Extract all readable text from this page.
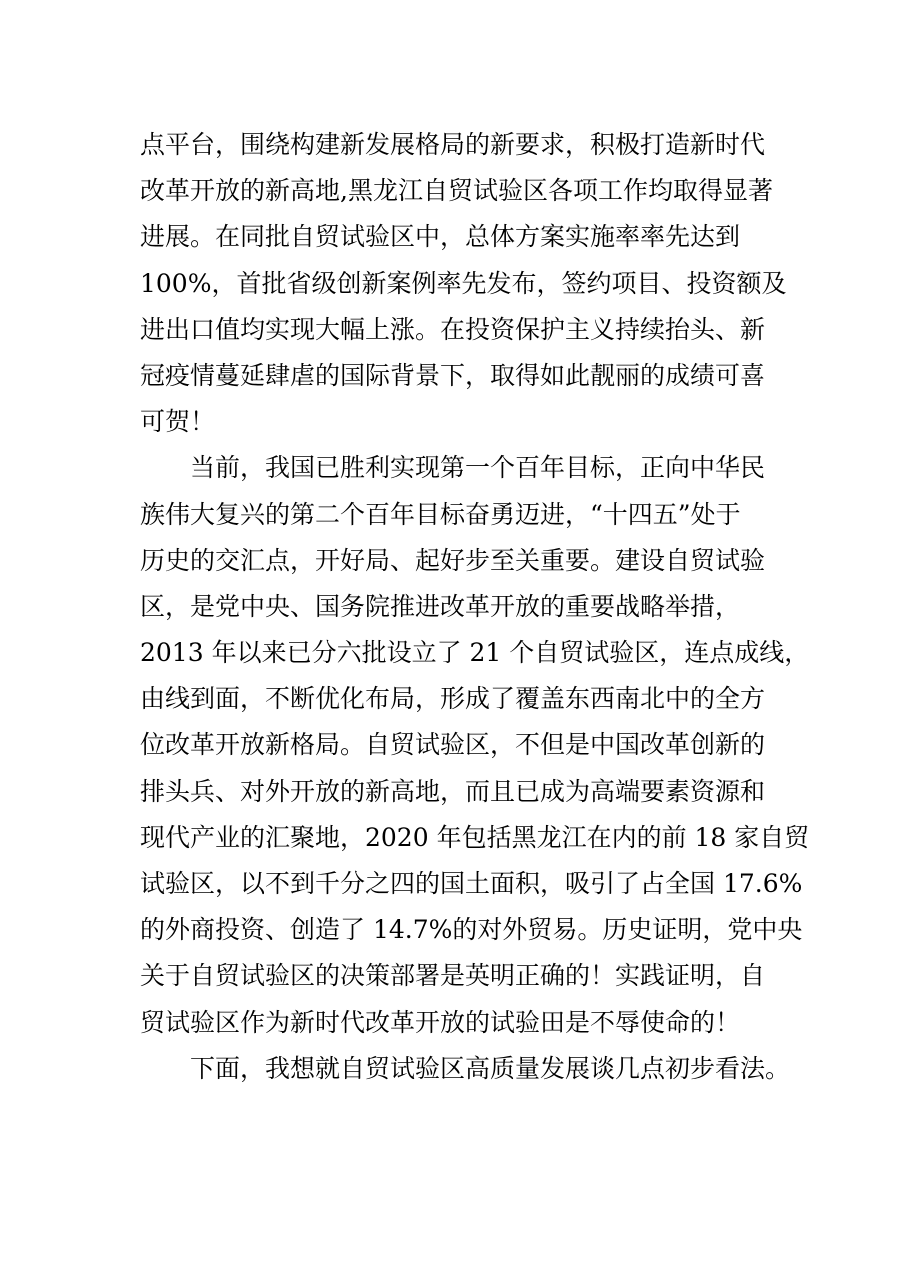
点平台，围绕构建新发展格局的新要求，积极打造新时代
改革开放的新高地,黑龙江自贸试验区各项工作均取得显著
进展。在同批自贸试验区中，总体方案实施率率先达到
100%，首批省级创新案例率先发布，签约项目、投资额及
进出口值均实现大幅上涨。在投资保护主义持续抬头、新
冠疫情蔓延肆虐的国际背景下，取得如此靓丽的成绩可喜
可贺！
当前，我国已胜利实现第一个百年目标，正向中华民
族伟大复兴的第二个百年目标奋勇迈进，“十四五”处于
历史的交汇点，开好局、起好步至关重要。建设自贸试验
区，是党中央、国务院推进改革开放的重要战略举措，
2013 年以来已分六批设立了 21 个自贸试验区，连点成线，
由线到面，不断优化布局，形成了覆盖东西南北中的全方
位改革开放新格局。自贸试验区，不但是中国改革创新的
排头兵、对外开放的新高地，而且已成为高端要素资源和
现代产业的汇聚地，2020 年包括黑龙江在内的前 18 家自贸
试验区，以不到千分之四的国土面积，吸引了占全国 17.6%
的外商投资、创造了 14.7%的对外贸易。历史证明，党中央
关于自贸试验区的决策部署是英明正确的！实践证明，自
贸试验区作为新时代改革开放的试验田是不辱使命的！
下面，我想就自贸试验区高质量发展谈几点初步看法。
